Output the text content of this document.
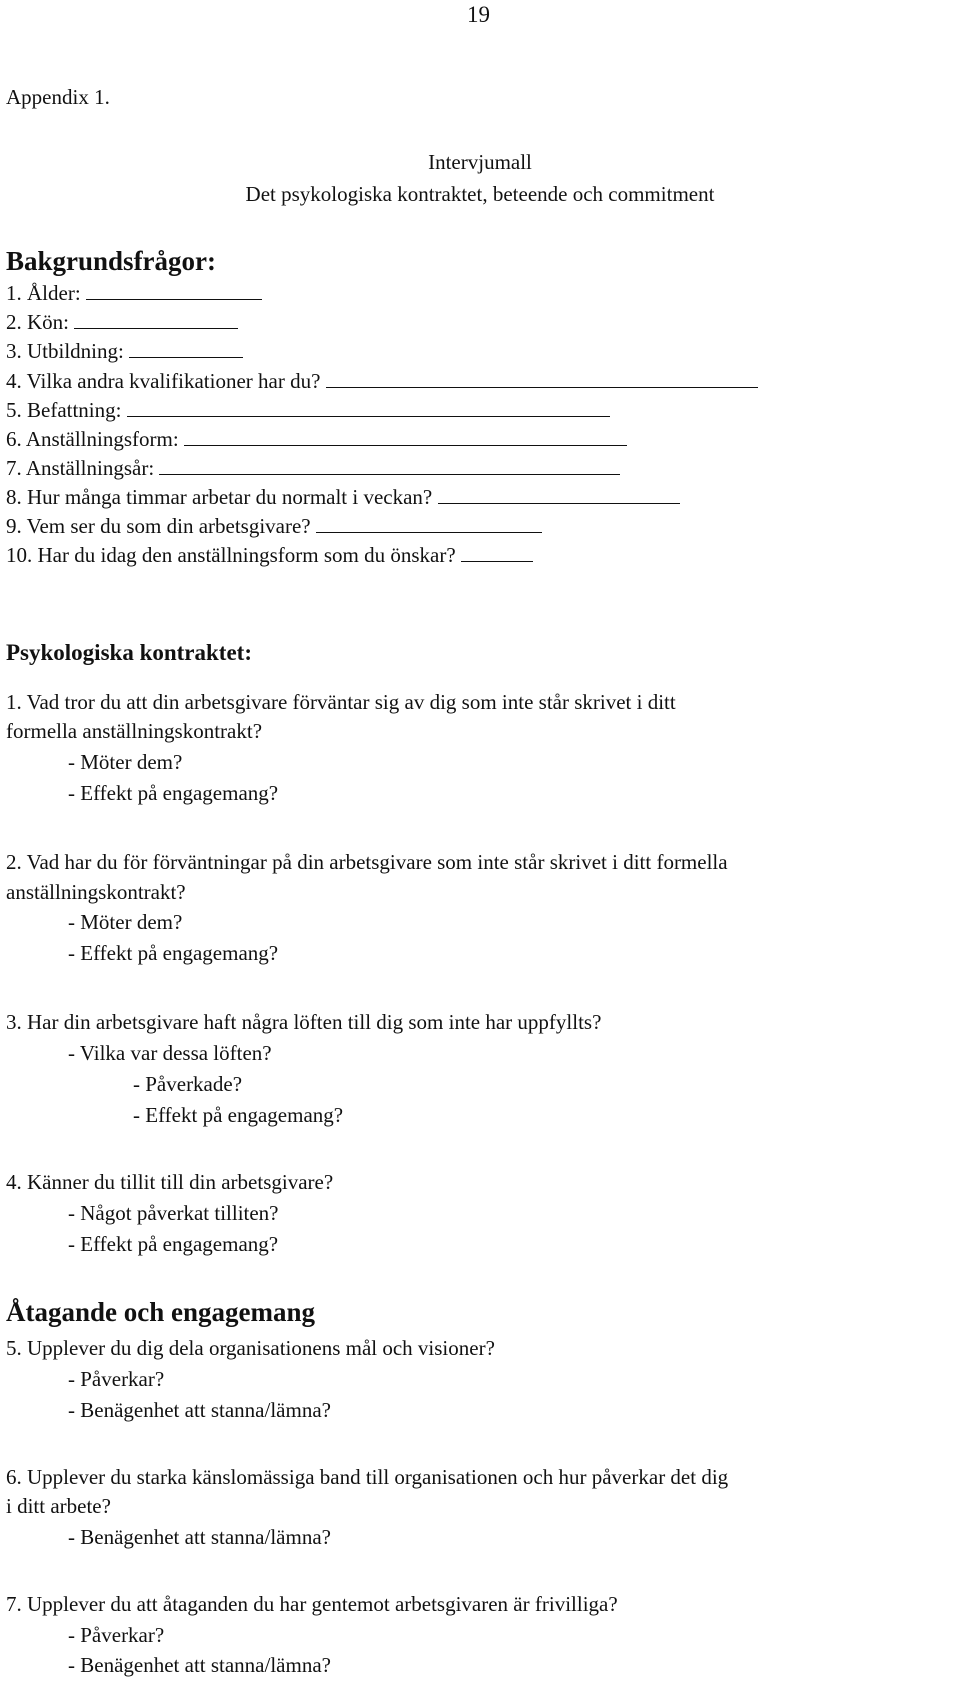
19
Appendix 1.
Intervjumall
Det psykologiska kontraktet, beteende och commitment
Bakgrundsfrågor:
1. Ålder:
2. Kön:
3. Utbildning:
4. Vilka andra kvalifikationer har du?
5. Befattning:
6. Anställningsform:
7. Anställningsår:
8. Hur många timmar arbetar du normalt i veckan?
9. Vem ser du som din arbetsgivare?
10. Har du idag den anställningsform som du önskar?
Psykologiska kontraktet:
1. Vad tror du att din arbetsgivare förväntar sig av dig som inte står skrivet i ditt
formella anställningskontrakt?
- Möter dem?
- Effekt på engagemang?
2. Vad har du för förväntningar på din arbetsgivare som inte står skrivet i ditt formella
anställningskontrakt?
- Möter dem?
- Effekt på engagemang?
3. Har din arbetsgivare haft några löften till dig som inte har uppfyllts?
- Vilka var dessa löften?
- Påverkade?
- Effekt på engagemang?
4. Känner du tillit till din arbetsgivare?
- Något påverkat tilliten?
- Effekt på engagemang?
Åtagande och engagemang
5. Upplever du dig dela organisationens mål och visioner?
- Påverkar?
- Benägenhet att stanna/lämna?
6. Upplever du starka känslomässiga band till organisationen och hur påverkar det dig
i ditt arbete?
- Benägenhet att stanna/lämna?
7. Upplever du att åtaganden du har gentemot arbetsgivaren är frivilliga?
- Påverkar?
- Benägenhet att stanna/lämna?
